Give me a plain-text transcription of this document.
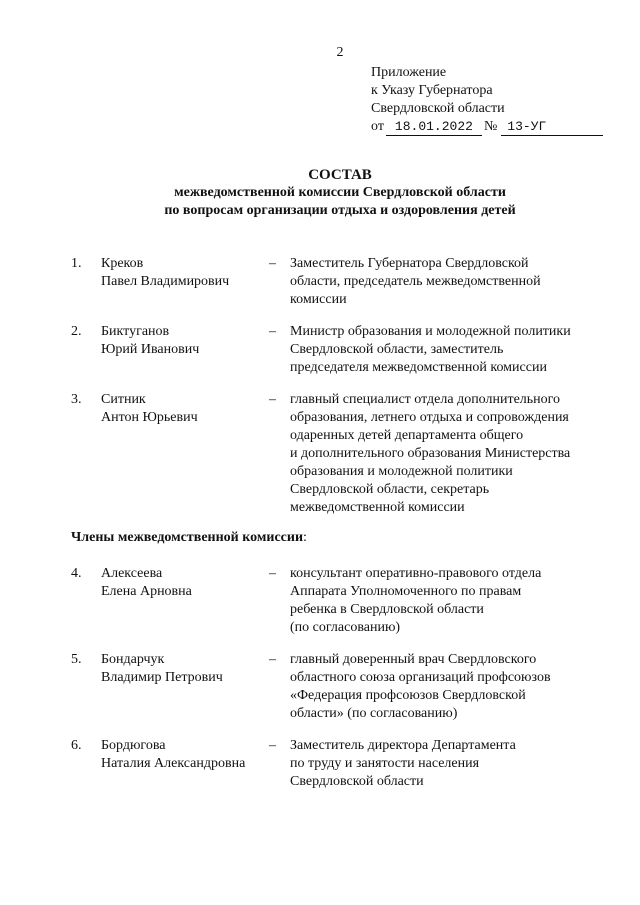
2
Приложение
к Указу Губернатора
Свердловской области
от 18.01.2022 № 13-УГ
СОСТАВ
межведомственной комиссии Свердловской области
по вопросам организации отдыха и оздоровления детей
1. Креков
Павел Владимирович
– Заместитель Губернатора Свердловской
области, председатель межведомственной
комиссии
2. Биктуганов
Юрий Иванович
– Министр образования и молодежной политики
Свердловской области, заместитель
председателя межведомственной комиссии
3. Ситник
Антон Юрьевич
– главный специалист отдела дополнительного
образования, летнего отдыха и сопровождения
одаренных детей департамента общего
и дополнительного образования Министерства
образования и молодежной политики
Свердловской области, секретарь
межведомственной комиссии
Члены межведомственной комиссии:
4. Алексеева
Елена Арновна
– консультант оперативно-правового отдела
Аппарата Уполномоченного по правам
ребенка в Свердловской области
(по согласованию)
5. Бондарчук
Владимир Петрович
– главный доверенный врач Свердловского
областного союза организаций профсоюзов
«Федерация профсоюзов Свердловской
области» (по согласованию)
6. Бордюгова
Наталия Александровна
– Заместитель директора Департамента
по труду и занятости населения
Свердловской области
